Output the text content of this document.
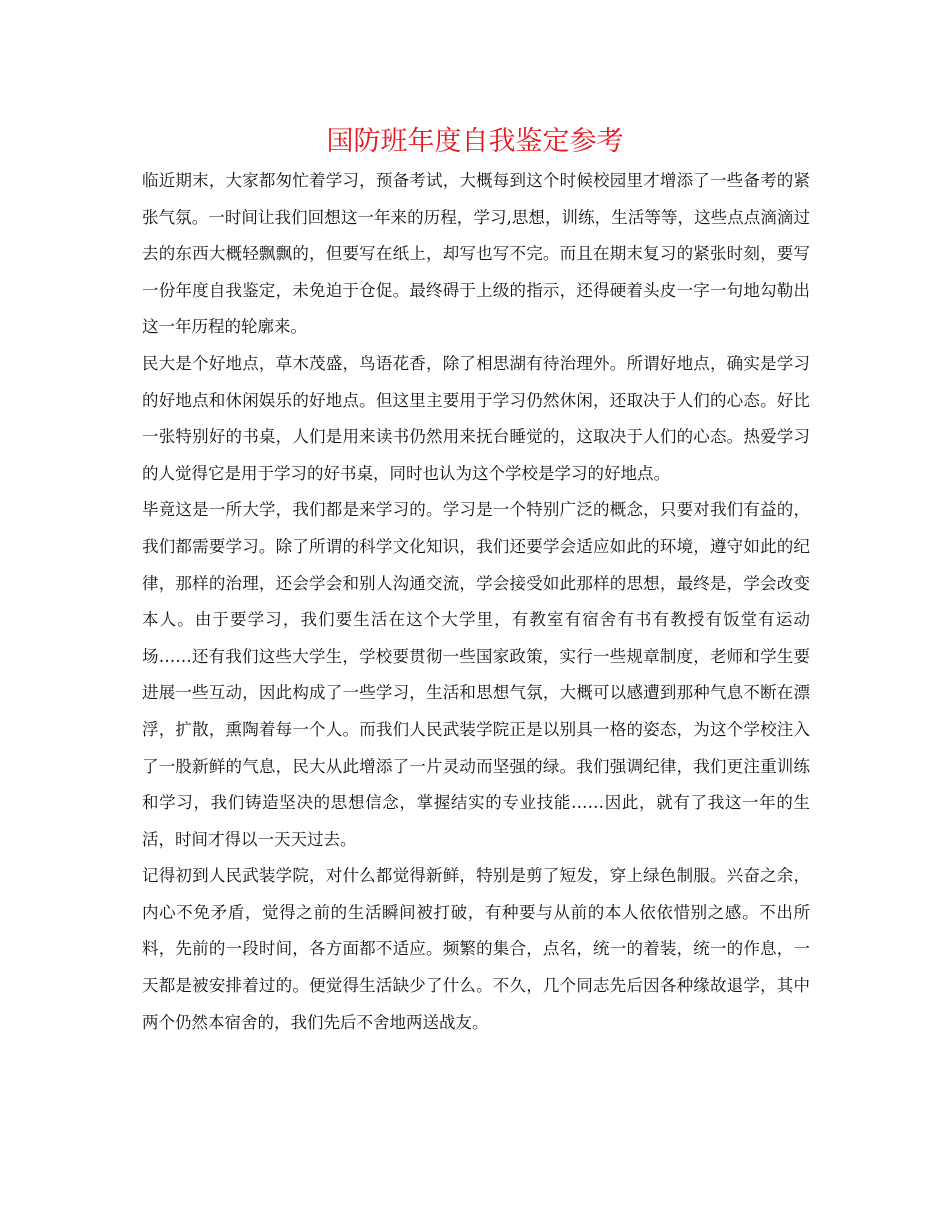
国防班年度自我鉴定参考

临近期末，大家都匆忙着学习，预备考试，大概每到这个时候校园里才增添了一些备考的紧张气氛。一时间让我们回想这一年来的历程，学习,思想，训练，生活等等，这些点点滴滴过去的东西大概轻飘飘的，但要写在纸上，却写也写不完。而且在期末复习的紧张时刻，要写一份年度自我鉴定，未免迫于仓促。最终碍于上级的指示，还得硬着头皮一字一句地勾勒出这一年历程的轮廓来。

民大是个好地点，草木茂盛，鸟语花香，除了相思湖有待治理外。所谓好地点，确实是学习的好地点和休闲娱乐的好地点。但这里主要用于学习仍然休闲，还取决于人们的心态。好比一张特别好的书桌，人们是用来读书仍然用来抚台睡觉的，这取决于人们的心态。热爱学习的人觉得它是用于学习的好书桌，同时也认为这个学校是学习的好地点。

毕竟这是一所大学，我们都是来学习的。学习是一个特别广泛的概念，只要对我们有益的，我们都需要学习。除了所谓的科学文化知识，我们还要学会适应如此的环境，遵守如此的纪律，那样的治理，还会学会和别人沟通交流，学会接受如此那样的思想，最终是，学会改变本人。由于要学习，我们要生活在这个大学里，有教室有宿舍有书有教授有饭堂有运动场……还有我们这些大学生，学校要贯彻一些国家政策，实行一些规章制度，老师和学生要进展一些互动，因此构成了一些学习，生活和思想气氛，大概可以感遭到那种气息不断在漂浮，扩散，熏陶着每一个人。而我们人民武装学院正是以别具一格的姿态，为这个学校注入了一股新鲜的气息，民大从此增添了一片灵动而坚强的绿。我们强调纪律，我们更注重训练和学习，我们铸造坚决的思想信念，掌握结实的专业技能……因此，就有了我这一年的生活，时间才得以一天天过去。

记得初到人民武装学院，对什么都觉得新鲜，特别是剪了短发，穿上绿色制服。兴奋之余，内心不免矛盾，觉得之前的生活瞬间被打破，有种要与从前的本人依依惜别之感。不出所料，先前的一段时间，各方面都不适应。频繁的集合，点名，统一的着装，统一的作息，一天都是被安排着过的。便觉得生活缺少了什么。不久，几个同志先后因各种缘故退学，其中两个仍然本宿舍的，我们先后不舍地两送战友。
